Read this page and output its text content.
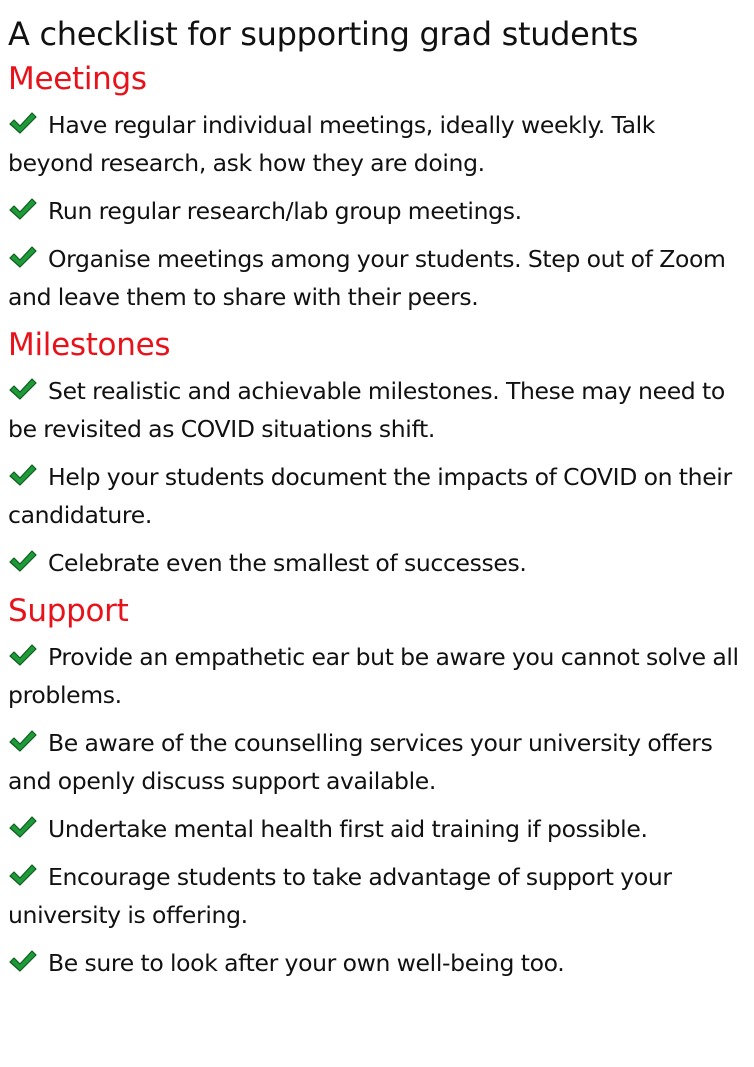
A checklist for supporting grad students
Meetings
Have regular individual meetings, ideally weekly. Talk beyond research, ask how they are doing.
Run regular research/lab group meetings.
Organise meetings among your students. Step out of Zoom and leave them to share with their peers.
Milestones
Set realistic and achievable milestones. These may need to be revisited as COVID situations shift.
Help your students document the impacts of COVID on their candidature.
Celebrate even the smallest of successes.
Support
Provide an empathetic ear but be aware you cannot solve all problems.
Be aware of the counselling services your university offers and openly discuss support available.
Undertake mental health first aid training if possible.
Encourage students to take advantage of support your university is offering.
Be sure to look after your own well-being too.
